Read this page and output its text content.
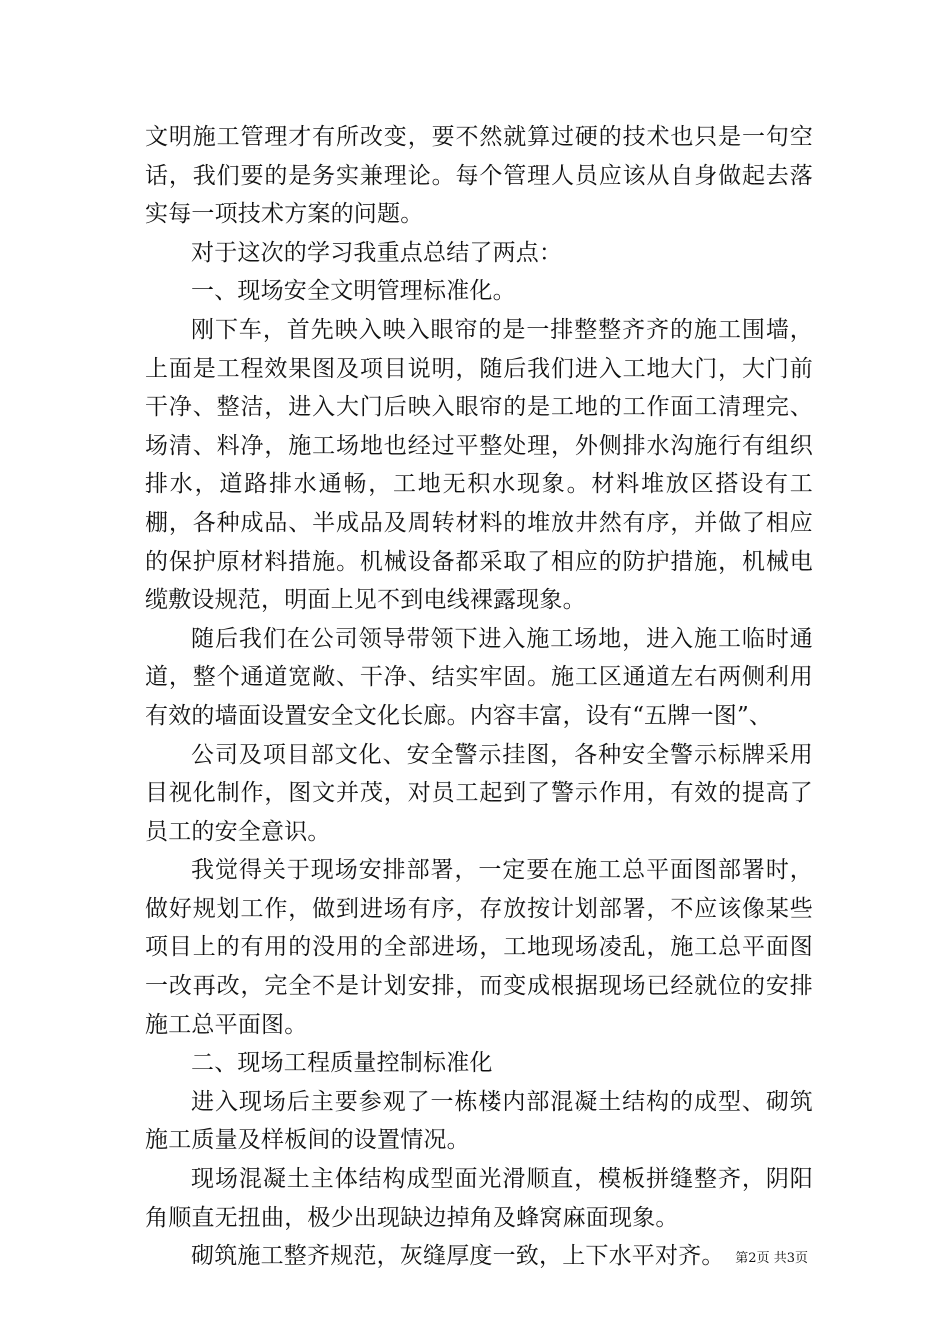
文明施工管理才有所改变，要不然就算过硬的技术也只是一句空话，我们要的是务实兼理论。每个管理人员应该从自身做起去落实每一项技术方案的问题。

对于这次的学习我重点总结了两点：

一、现场安全文明管理标准化。

刚下车，首先映入映入眼帘的是一排整整齐齐的施工围墙，上面是工程效果图及项目说明，随后我们进入工地大门，大门前干净、整洁，进入大门后映入眼帘的是工地的工作面工清理完、场清、料净，施工场地也经过平整处理，外侧排水沟施行有组织排水，道路排水通畅，工地无积水现象。材料堆放区搭设有工棚，各种成品、半成品及周转材料的堆放井然有序，并做了相应的保护原材料措施。机械设备都采取了相应的防护措施，机械电缆敷设规范，明面上见不到电线裸露现象。

随后我们在公司领导带领下进入施工场地，进入施工临时通道，整个通道宽敞、干净、结实牢固。施工区通道左右两侧利用有效的墙面设置安全文化长廊。内容丰富，设有“五牌一图”、

公司及项目部文化、安全警示挂图，各种安全警示标牌采用目视化制作，图文并茂，对员工起到了警示作用，有效的提高了员工的安全意识。

我觉得关于现场安排部署，一定要在施工总平面图部署时，做好规划工作，做到进场有序，存放按计划部署，不应该像某些项目上的有用的没用的全部进场，工地现场凌乱，施工总平面图一改再改，完全不是计划安排，而变成根据现场已经就位的安排施工总平面图。

二、现场工程质量控制标准化

进入现场后主要参观了一栋楼内部混凝土结构的成型、砌筑施工质量及样板间的设置情况。

现场混凝土主体结构成型面光滑顺直，模板拼缝整齐，阴阳角顺直无扭曲，极少出现缺边掉角及蜂窝麻面现象。

砌筑施工整齐规范，灰缝厚度一致，上下水平对齐。 第2页 共3页
